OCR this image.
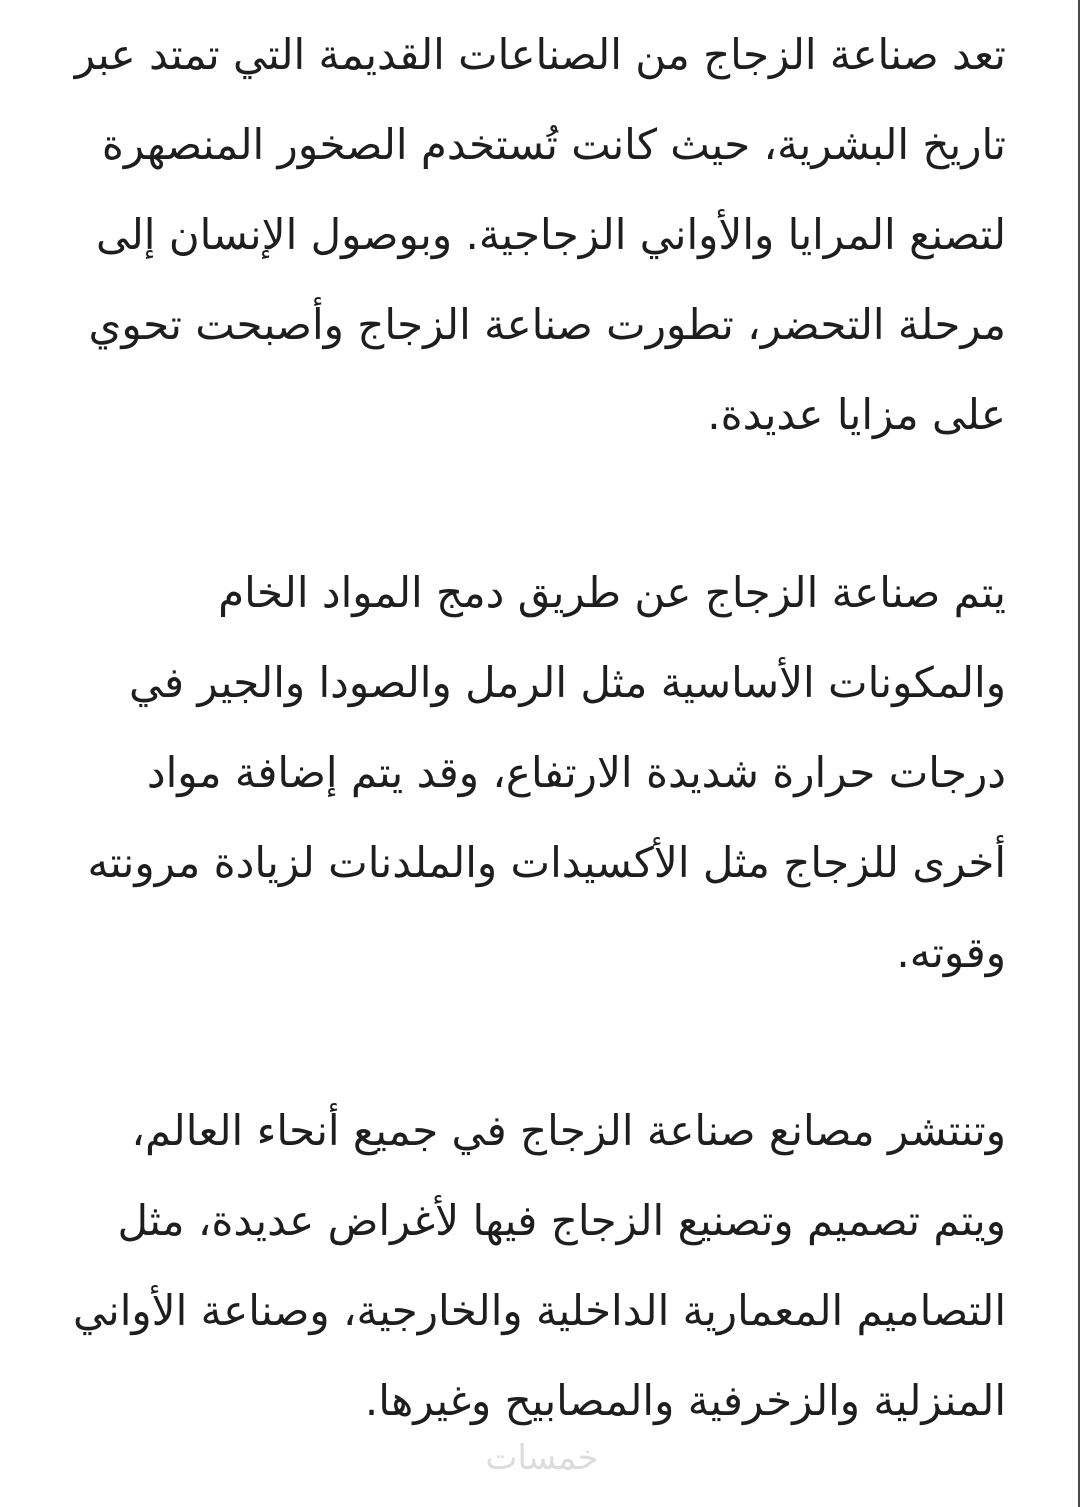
تعد صناعة الزجاج من الصناعات القديمة التي تمتد عبر
تاريخ البشرية، حيث كانت تُستخدم الصخور المنصهرة
لتصنع المرايا والأواني الزجاجية. وبوصول الإنسان إلى
مرحلة التحضر، تطورت صناعة الزجاج وأصبحت تحوي
على مزايا عديدة.

يتم صناعة الزجاج عن طريق دمج المواد الخام
والمكونات الأساسية مثل الرمل والصودا والجير في
درجات حرارة شديدة الارتفاع، وقد يتم إضافة مواد
أخرى للزجاج مثل الأكسيدات والملدنات لزيادة مرونته
وقوته.

وتنتشر مصانع صناعة الزجاج في جميع أنحاء العالم،
ويتم تصميم وتصنيع الزجاج فيها لأغراض عديدة، مثل
التصاميم المعمارية الداخلية والخارجية، وصناعة الأواني
المنزلية والزخرفية والمصابيح وغيرها.

خمسات
